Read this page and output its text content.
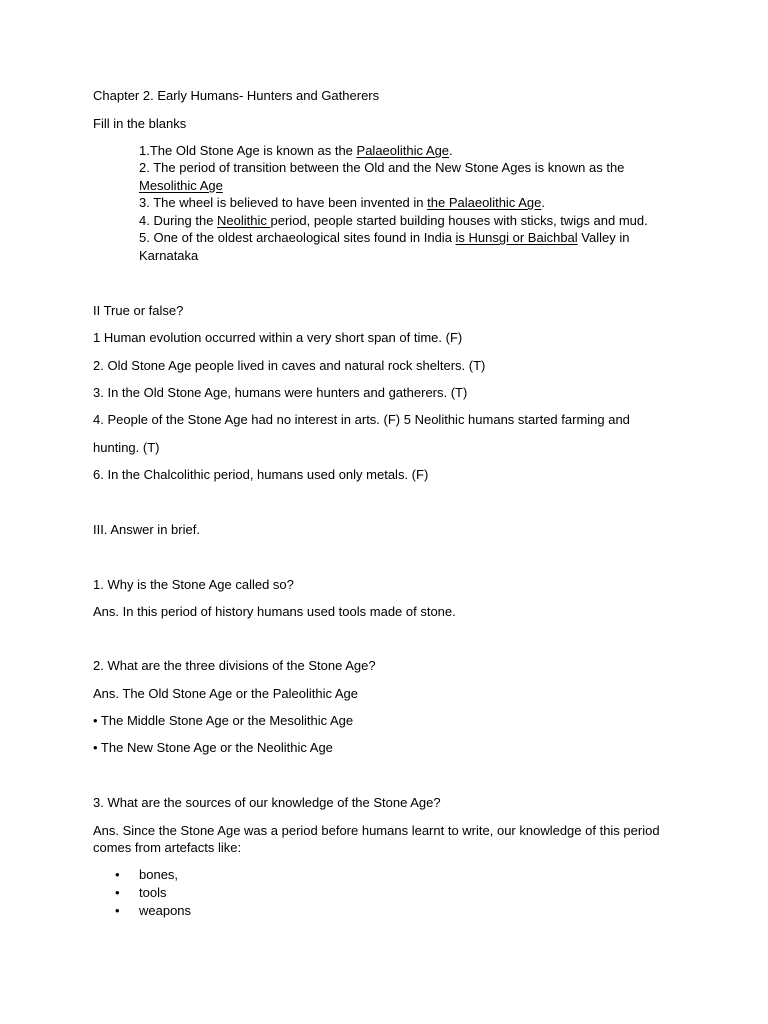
Chapter 2. Early Humans- Hunters and Gatherers
Fill in the blanks
1.The Old Stone Age is known as the Palaeolithic Age.
2. The period of transition between the Old and the New Stone Ages is known as the
Mesolithic Age
3. The wheel is believed to have been invented in the Palaeolithic Age.
4. During the Neolithic period, people started building houses with sticks, twigs and mud.
5. One of the oldest archaeological sites found in India is Hunsgi or Baichbal Valley in
Karnataka
II True or false?
1 Human evolution occurred within a very short span of time. (F)
2. Old Stone Age people lived in caves and natural rock shelters. (T)
3. In the Old Stone Age, humans were hunters and gatherers. (T)
4. People of the Stone Age had no interest in arts. (F) 5 Neolithic humans started farming and
hunting. (T)
6. In the Chalcolithic period, humans used only metals. (F)
III. Answer in brief.
1. Why is the Stone Age called so?
Ans. In this period of history humans used tools made of stone.
2. What are the three divisions of the Stone Age?
Ans. The Old Stone Age or the Paleolithic Age
• The Middle Stone Age or the Mesolithic Age
• The New Stone Age or the Neolithic Age
3. What are the sources of our knowledge of the Stone Age?
Ans. Since the Stone Age was a period before humans learnt to write, our knowledge of this period
comes from artefacts like:
• bones,
• tools
• weapons
